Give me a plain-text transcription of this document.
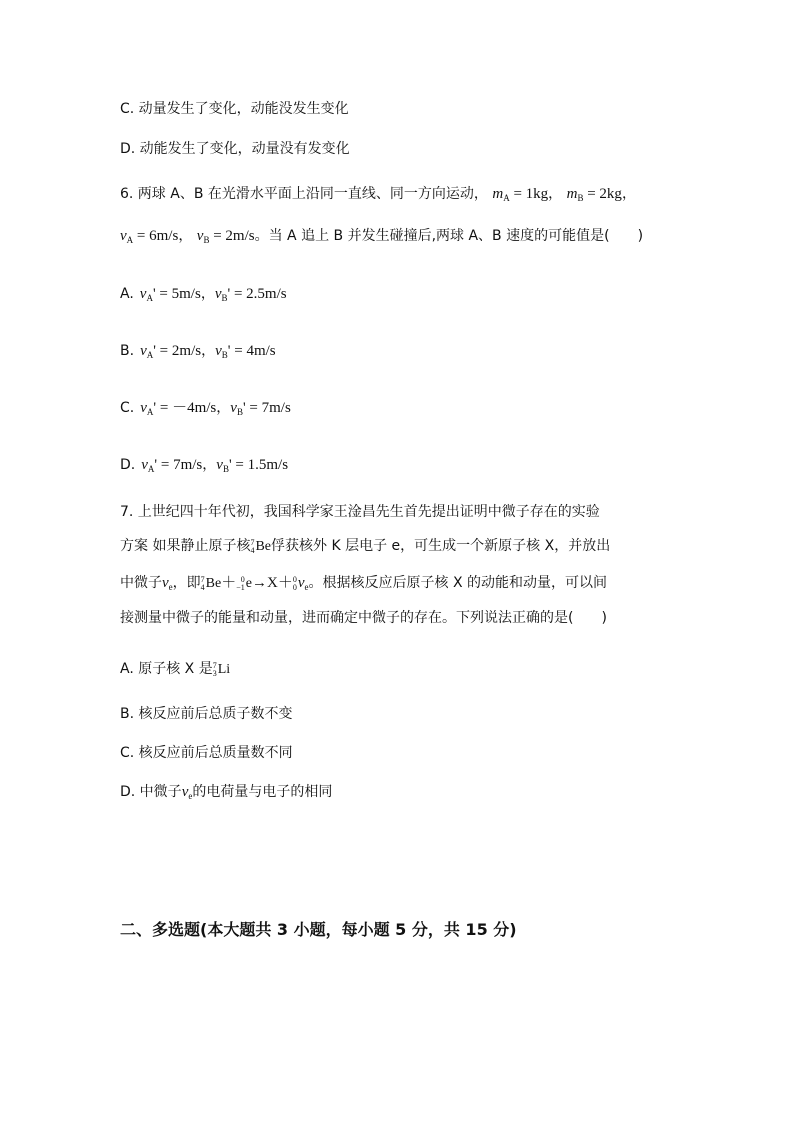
C. 动量发生了变化，动能没发生变化
D. 动能发生了变化，动量没有发变化
6. 两球 A、B 在光滑水平面上沿同一直线、同一方向运动， $m_A = 1kg$， $m_B = 2kg$，
$v_A = 6m/s$， $v_B = 2m/s$。当 A 追上 B 并发生碰撞后,两球 A、B 速度的可能值是(　　)
A. $v_A' = 5m/s$，$v_B' = 2.5m/s$
B. $v_A' = 2m/s$，$v_B' = 4m/s$
C. $v_A' = -4m/s$，$v_B' = 7m/s$
D. $v_A' = 7m/s$，$v_B' = 1.5m/s$
7. 上世纪四十年代初，我国科学家王淦昌先生首先提出证明中微子存在的实验
方案 如果静止原子核 7
4 Be俘获核外 K 层电子 e，可生成一个新原子核 X，并放出
中微子$\nu_e$，即 7
4 Be＋ 0
−1 e→X＋ 0
0 $\nu_e$。根据核反应后原子核 X 的动能和动量，可以间
接测量中微子的能量和动量，进而确定中微子的存在。下列说法正确的是(　　)
A. 原子核 X 是 7
3 Li
B. 核反应前后总质子数不变
C. 核反应前后总质量数不同
D. 中微子$\nu_e$的电荷量与电子的相同
二、多选题(本大题共 3 小题，每小题 5 分，共 15 分)
